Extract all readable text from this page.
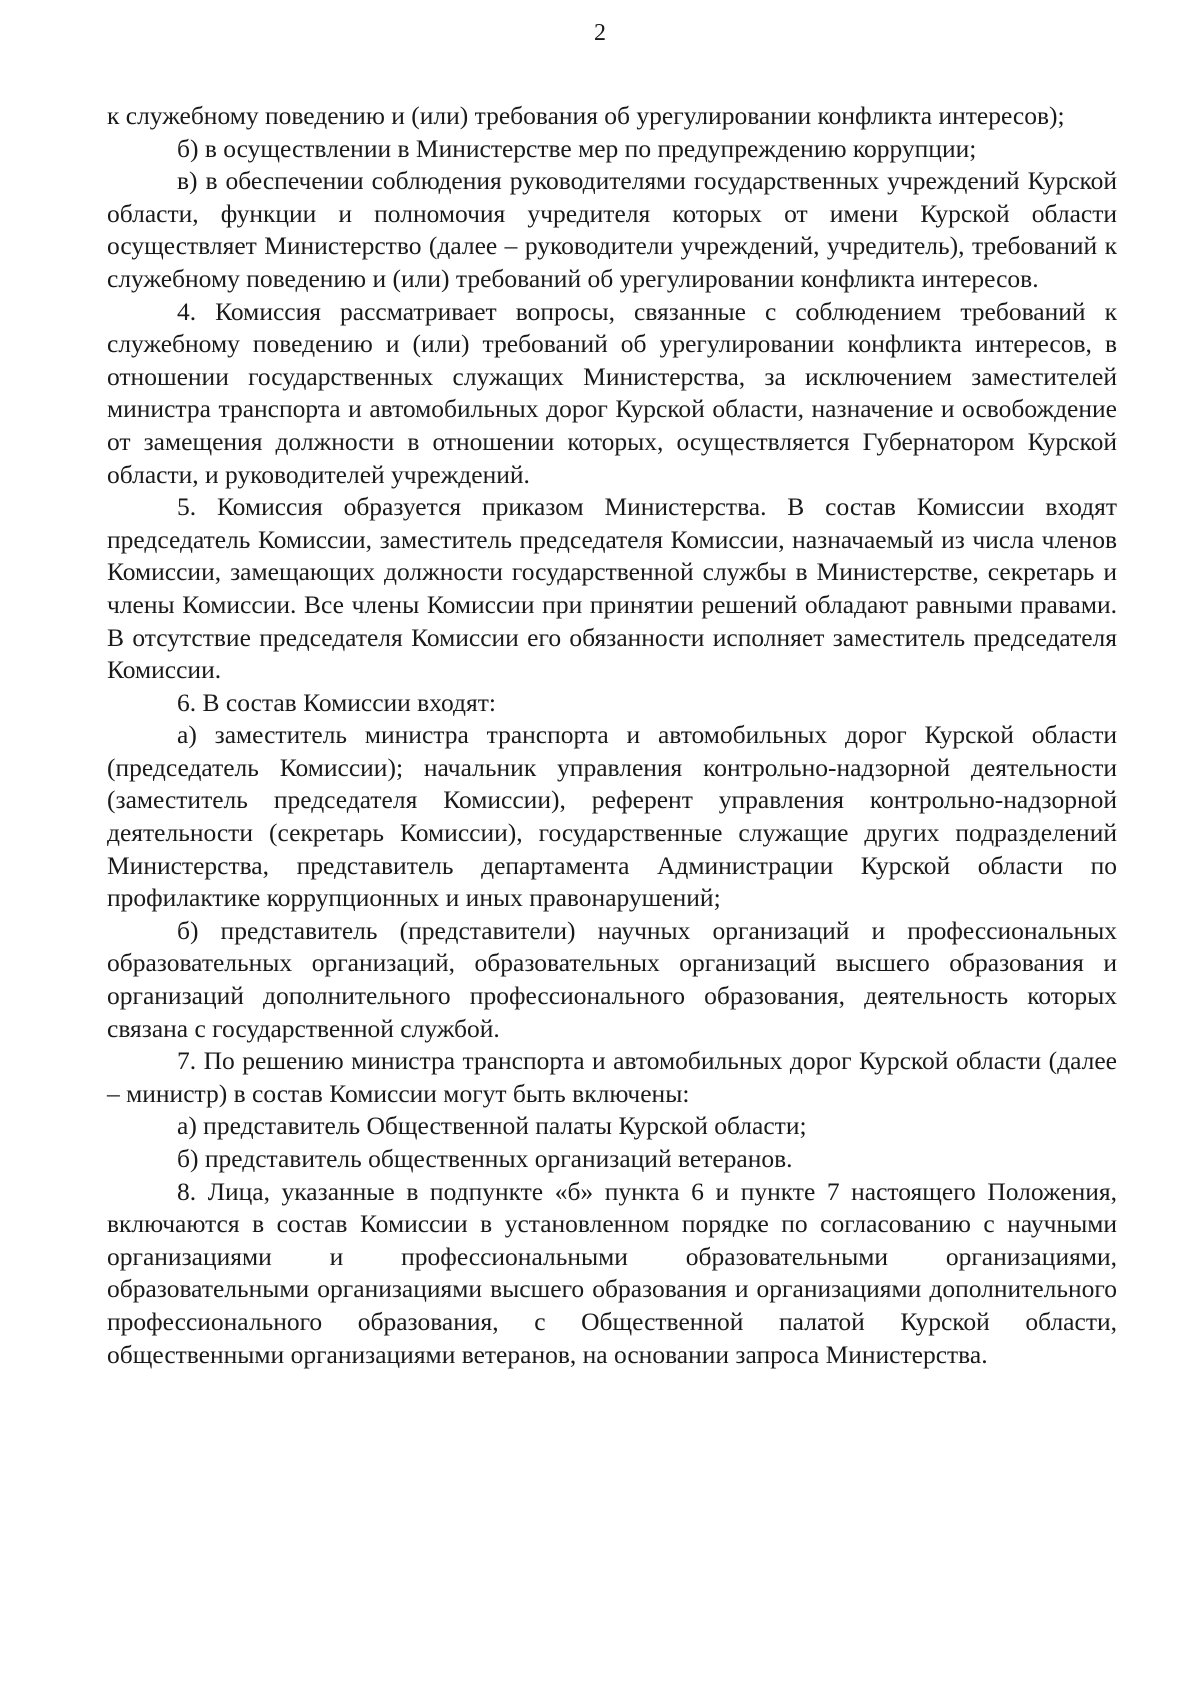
2

к служебному поведению и (или) требования об урегулировании конфликта интересов);

б) в осуществлении в Министерстве мер по предупреждению коррупции;

в) в обеспечении соблюдения руководителями государственных учреждений Курской области, функции и полномочия учредителя которых от имени Курской области осуществляет Министерство (далее – руководители учреждений, учредитель), требований к служебному поведению и (или) требований об урегулировании конфликта интересов.

4. Комиссия рассматривает вопросы, связанные с соблюдением требований к служебному поведению и (или) требований об урегулировании конфликта интересов, в отношении государственных служащих Министерства, за исключением заместителей министра транспорта и автомобильных дорог Курской области, назначение и освобождение от замещения должности в отношении которых, осуществляется Губернатором Курской области, и руководителей учреждений.

5. Комиссия образуется приказом Министерства. В состав Комиссии входят председатель Комиссии, заместитель председателя Комиссии, назначаемый из числа членов Комиссии, замещающих должности государственной службы в Министерстве, секретарь и члены Комиссии. Все члены Комиссии при принятии решений обладают равными правами. В отсутствие председателя Комиссии его обязанности исполняет заместитель председателя Комиссии.

6. В состав Комиссии входят:

а) заместитель министра транспорта и автомобильных дорог Курской области (председатель Комиссии); начальник управления контрольно-надзорной деятельности (заместитель председателя Комиссии), референт управления контрольно-надзорной деятельности (секретарь Комиссии), государственные служащие других подразделений Министерства, представитель департамента Администрации Курской области по профилактике коррупционных и иных правонарушений;

б) представитель (представители) научных организаций и профессиональных образовательных организаций, образовательных организаций высшего образования и организаций дополнительного профессионального образования, деятельность которых связана с государственной службой.

7. По решению министра транспорта и автомобильных дорог Курской области (далее – министр) в состав Комиссии могут быть включены:

а) представитель Общественной палаты Курской области;

б) представитель общественных организаций ветеранов.

8. Лица, указанные в подпункте «б» пункта 6 и пункте 7 настоящего Положения, включаются в состав Комиссии в установленном порядке по согласованию с научными организациями и профессиональными образовательными организациями, образовательными организациями высшего образования и организациями дополнительного профессионального образования, с Общественной палатой Курской области, общественными организациями ветеранов, на основании запроса Министерства.
